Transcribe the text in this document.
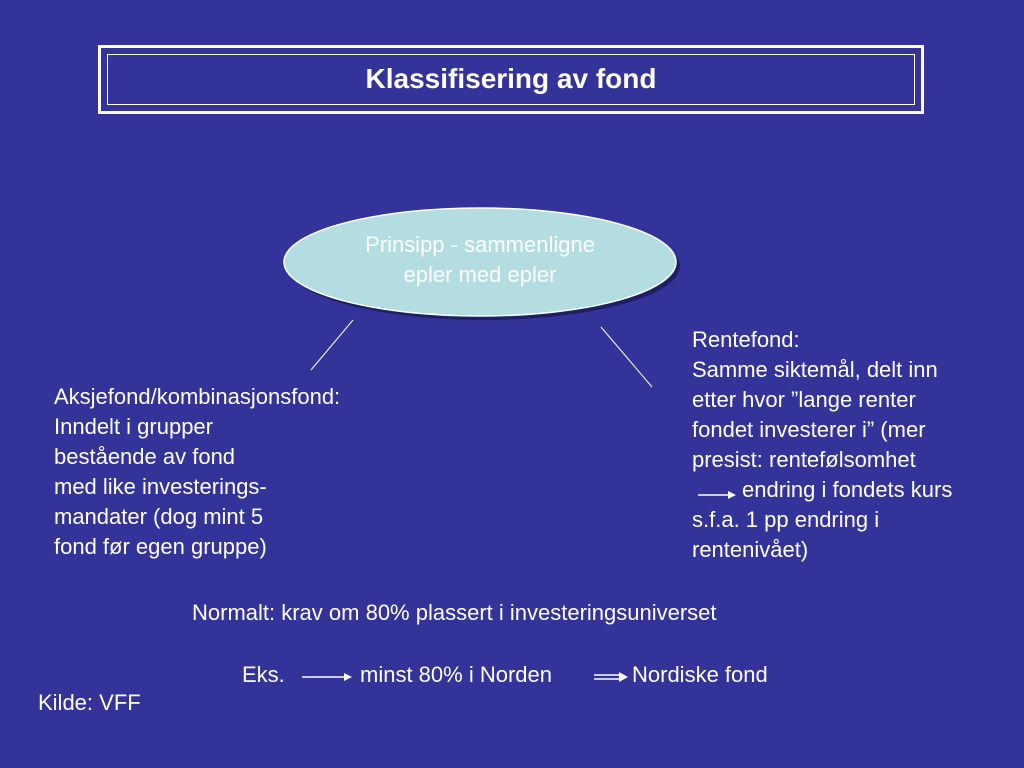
Klassifisering av fond
Prinsipp - sammenligne
epler med epler
Aksjefond/kombinasjonsfond:
Inndelt i grupper
bestående av fond
med like investerings-
mandater (dog mint 5
fond før egen gruppe)
Rentefond:
Samme siktemål, delt inn
etter hvor ”lange renter
fondet investerer i” (mer
presist: rentefølsomhet
endring i fondets kurs
s.f.a. 1 pp endring i
rentenivået)
Normalt: krav om 80% plassert i investeringsuniverset
Eks.	minst 80% i Norden	Nordiske fond
Kilde: VFF
